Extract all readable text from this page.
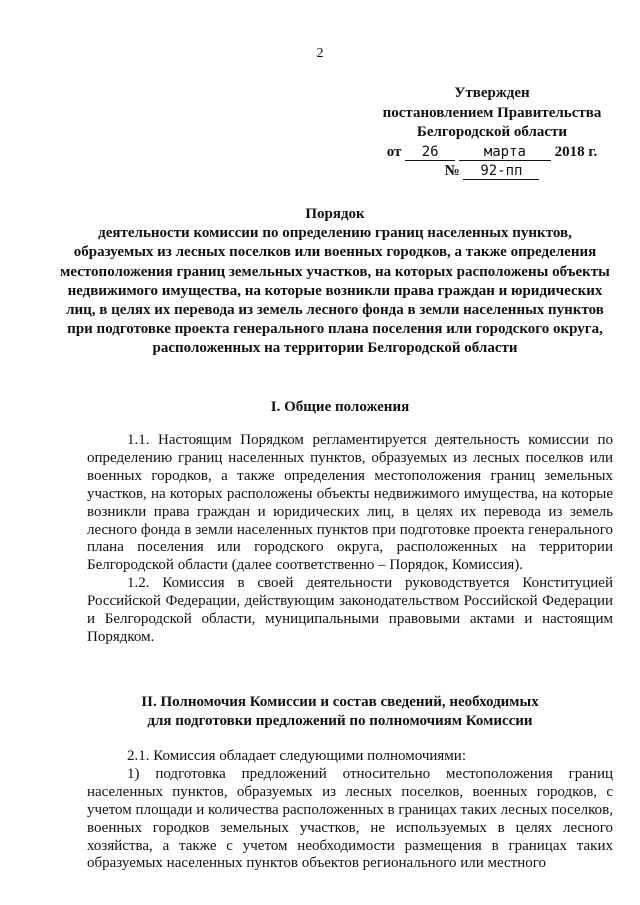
2
Утвержден
постановлением Правительства
Белгородской области
от 26	марта 2018 г.
№ 92-пп
Порядок
деятельности комиссии по определению границ населенных пунктов, образуемых из лесных поселков или военных городков, а также определения местоположения границ земельных участков, на которых расположены объекты недвижимого имущества, на которые возникли права граждан и юридических лиц, в целях их перевода из земель лесного фонда в земли населенных пунктов при подготовке проекта генерального плана поселения или городского округа, расположенных на территории Белгородской области
I. Общие положения

1.1. Настоящим Порядком регламентируется деятельность комиссии по определению границ населенных пунктов, образуемых из лесных поселков или военных городков, а также определения местоположения границ земельных участков, на которых расположены объекты недвижимого имущества, на которые возникли права граждан и юридических лиц, в целях их перевода из земель лесного фонда в земли населенных пунктов при подготовке проекта генерального плана поселения или городского округа, расположенных на территории Белгородской области (далее соответственно – Порядок, Комиссия).

1.2. Комиссия в своей деятельности руководствуется Конституцией Российской Федерации, действующим законодательством Российской Федерации и Белгородской области, муниципальными правовыми актами и настоящим Порядком.

II. Полномочия Комиссии и состав сведений, необходимых
для подготовки предложений по полномочиям Комиссии

2.1. Комиссия обладает следующими полномочиями:

1) подготовка предложений относительно местоположения границ населенных пунктов, образуемых из лесных поселков, военных городков, с учетом площади и количества расположенных в границах таких лесных поселков, военных городков земельных участков, не используемых в целях лесного хозяйства, а также с учетом необходимости размещения в границах таких образуемых населенных пунктов объектов регионального или местного
